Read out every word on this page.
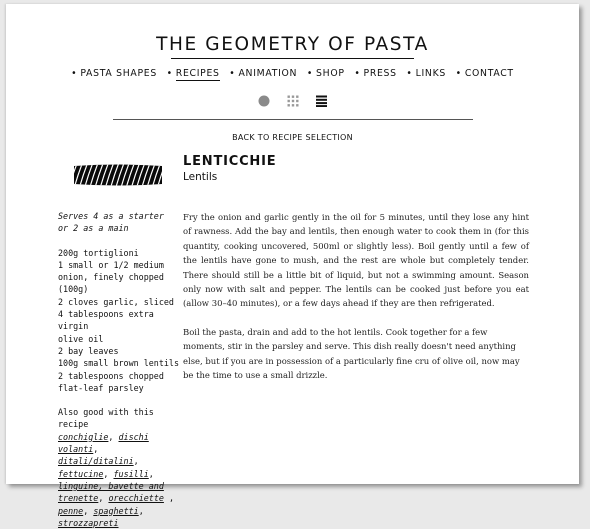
THE GEOMETRY OF PASTA
• PASTA SHAPES • RECIPES • ANIMATION • SHOP • PRESS • LINKS • CONTACT

BACK TO RECIPE SELECTION
LENTICCHIE
Lentils
Serves 4 as a starter
or 2 as a main
200g tortiglioni
1 small or 1/2 medium
onion, finely chopped
(100g)
2 cloves garlic, sliced
4 tablespoons extra virgin
olive oil
2 bay leaves
100g small brown lentils
2 tablespoons chopped
flat-leaf parsley
Also good with this recipe
conchiglie, dischi volanti, ditali/ditalini, fettucine, fusilli, linguine, bavette and trenette, orecchiette , penne, spaghetti, strozzapreti

Fry the onion and garlic gently in the oil for 5 minutes, until they lose any hint of rawness. Add the bay and lentils, then enough water to cook them in (for this quantity, cooking uncovered, 500ml or slightly less). Boil gently until a few of the lentils have gone to mush, and the rest are whole but completely tender. There should still be a little bit of liquid, but not a swimming amount. Season only now with salt and pepper. The lentils can be cooked just before you eat (allow 30–40 minutes), or a few days ahead if they are then refrigerated.

Boil the pasta, drain and add to the hot lentils. Cook together for a few moments, stir in the parsley and serve. This dish really doesn't need anything else, but if you are in possession of a particularly fine cru of olive oil, now may be the time to use a small drizzle.
